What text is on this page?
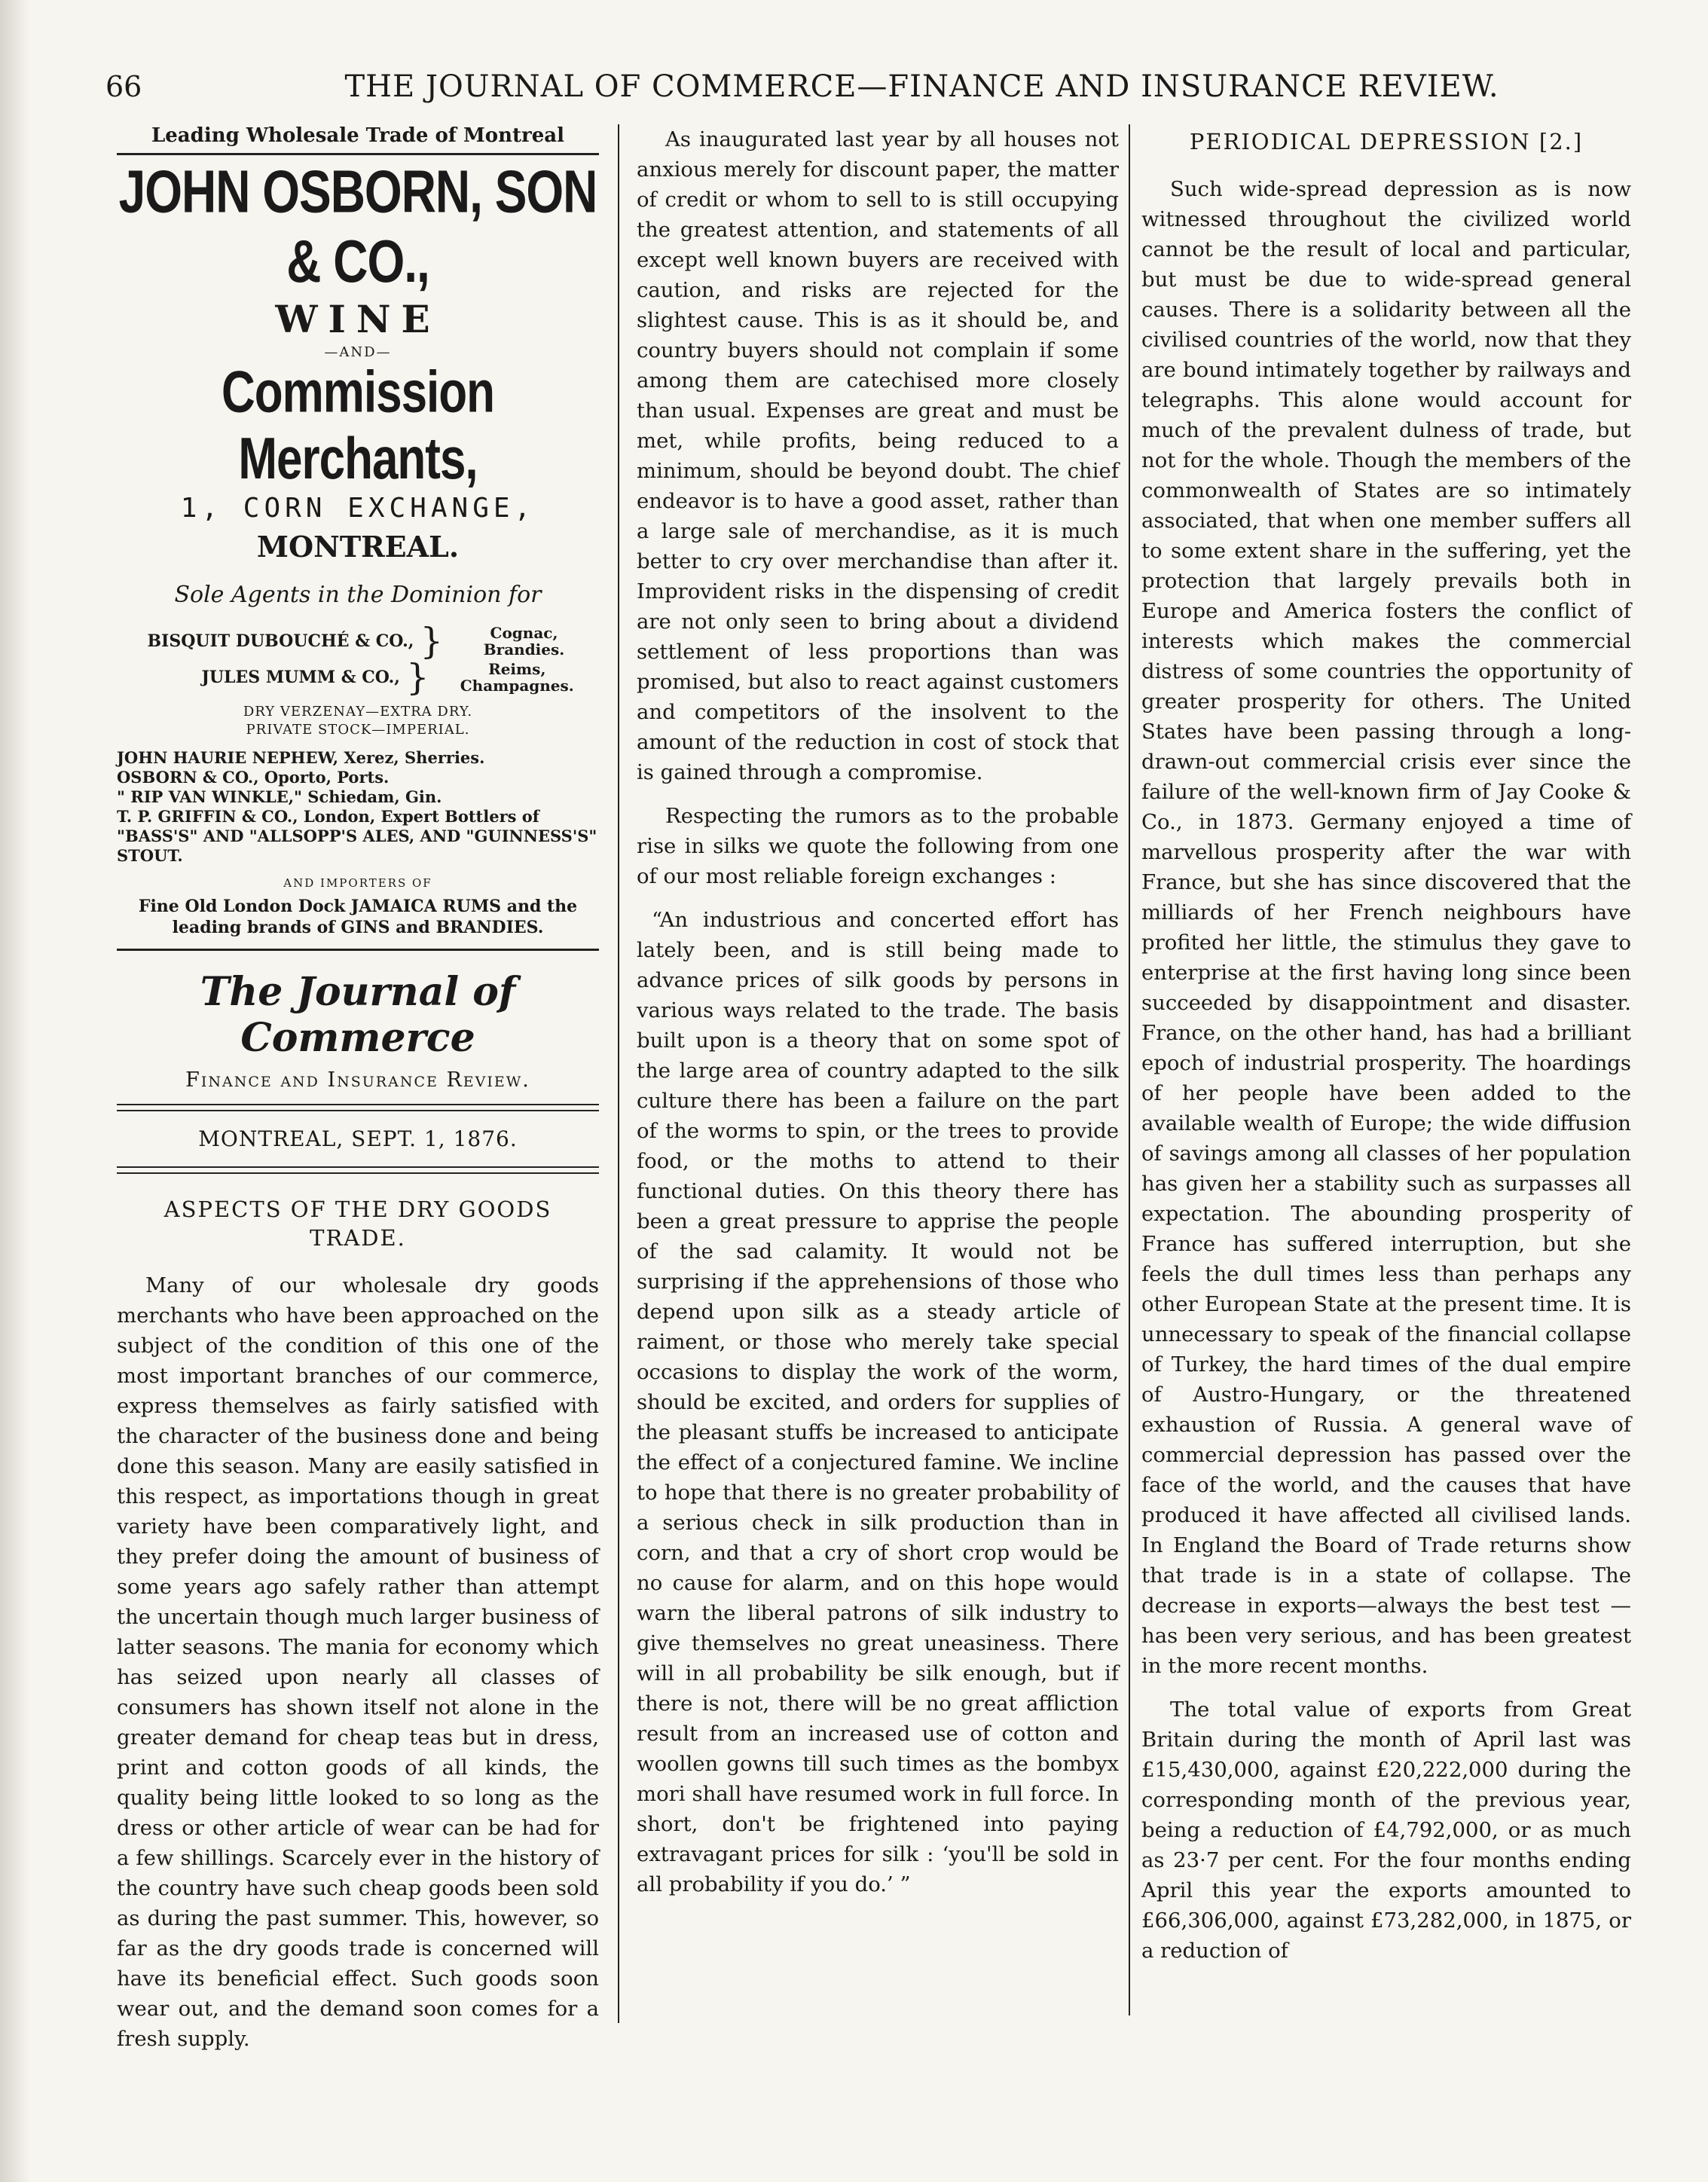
66	THE JOURNAL OF COMMERCE—FINANCE AND INSURANCE REVIEW.
Leading Wholesale Trade of Montreal
JOHN OSBORN, SON & CO.,
WINE
—AND—
Commission Merchants,
1, CORN EXCHANGE,
MONTREAL.
Sole Agents in the Dominion for
BISQUIT DUBOUCHÉ & CO., }	Cognac, Brandies.
JULES MUMM & CO., }	Reims, Champagnes.
DRY VERZENAY—EXTRA DRY.
PRIVATE STOCK—IMPERIAL.

JOHN HAURIE NEPHEW, Xerez, Sherries.

OSBORN & CO., Oporto, Ports.

" RIP VAN WINKLE," Schiedam, Gin.

T. P. GRIFFIN & CO., London, Expert Bottlers of "BASS'S" AND "ALLSOPP'S ALES, AND "GUINNESS'S" STOUT.

AND IMPORTERS OF
Fine Old London Dock JAMAICA RUMS and the leading brands of GINS and BRANDIES.
The Journal of Commerce
Finance and Insurance Review.
MONTREAL, SEPT. 1, 1876.
ASPECTS OF THE DRY GOODS TRADE.

Many of our wholesale dry goods merchants who have been approached on the subject of the condition of this one of the most important branches of our commerce, express themselves as fairly satisfied with the character of the business done and being done this season. Many are easily satisfied in this respect, as importations though in great variety have been comparatively light, and they prefer doing the amount of business of some years ago safely rather than attempt the uncertain though much larger business of latter seasons. The mania for economy which has seized upon nearly all classes of consumers has shown itself not alone in the greater demand for cheap teas but in dress, print and cotton goods of all kinds, the quality being little looked to so long as the dress or other article of wear can be had for a few shillings. Scarcely ever in the history of the country have such cheap goods been sold as during the past summer. This, however, so far as the dry goods trade is concerned will have its beneficial effect. Such goods soon wear out, and the demand soon comes for a fresh supply.

As inaugurated last year by all houses not anxious merely for discount paper, the matter of credit or whom to sell to is still occupying the greatest attention, and statements of all except well known buyers are received with caution, and risks are rejected for the slightest cause. This is as it should be, and country buyers should not complain if some among them are catechised more closely than usual. Expenses are great and must be met, while profits, being reduced to a minimum, should be beyond doubt. The chief endeavor is to have a good asset, rather than a large sale of merchandise, as it is much better to cry over merchandise than after it. Improvident risks in the dispensing of credit are not only seen to bring about a dividend settlement of less proportions than was promised, but also to react against customers and competitors of the insolvent to the amount of the reduction in cost of stock that is gained through a compromise.

Respecting the rumors as to the probable rise in silks we quote the following from one of our most reliable foreign exchanges :

“An industrious and concerted effort has lately been, and is still being made to advance prices of silk goods by persons in various ways related to the trade. The basis built upon is a theory that on some spot of the large area of country adapted to the silk culture there has been a failure on the part of the worms to spin, or the trees to provide food, or the moths to attend to their functional duties. On this theory there has been a great pressure to apprise the people of the sad calamity. It would not be surprising if the apprehensions of those who depend upon silk as a steady article of raiment, or those who merely take special occasions to display the work of the worm, should be excited, and orders for supplies of the pleasant stuffs be increased to anticipate the effect of a conjectured famine. We incline to hope that there is no greater probability of a serious check in silk production than in corn, and that a cry of short crop would be no cause for alarm, and on this hope would warn the liberal patrons of silk industry to give themselves no great uneasiness. There will in all probability be silk enough, but if there is not, there will be no great affliction result from an increased use of cotton and woollen gowns till such times as the bombyx mori shall have resumed work in full force. In short, don't be frightened into paying extravagant prices for silk : ‘you'll be sold in all probability if you do.’ ”

PERIODICAL DEPRESSION [2.]

Such wide-spread depression as is now witnessed throughout the civilized world cannot be the result of local and particular, but must be due to wide-spread general causes. There is a solidarity between all the civilised countries of the world, now that they are bound intimately together by railways and telegraphs. This alone would account for much of the prevalent dulness of trade, but not for the whole. Though the members of the commonwealth of States are so intimately associated, that when one member suffers all to some extent share in the suffering, yet the protection that largely prevails both in Europe and America fosters the conflict of interests which makes the commercial distress of some countries the opportunity of greater prosperity for others. The United States have been passing through a long-drawn-out commercial crisis ever since the failure of the well-known firm of Jay Cooke & Co., in 1873. Germany enjoyed a time of marvellous prosperity after the war with France, but she has since discovered that the milliards of her French neighbours have profited her little, the stimulus they gave to enterprise at the first having long since been succeeded by disappointment and disaster. France, on the other hand, has had a brilliant epoch of industrial prosperity. The hoardings of her people have been added to the available wealth of Europe; the wide diffusion of savings among all classes of her population has given her a stability such as surpasses all expectation. The abounding prosperity of France has suffered interruption, but she feels the dull times less than perhaps any other European State at the present time. It is unnecessary to speak of the financial collapse of Turkey, the hard times of the dual empire of Austro-Hungary, or the threatened exhaustion of Russia. A general wave of commercial depression has passed over the face of the world, and the causes that have produced it have affected all civilised lands. In England the Board of Trade returns show that trade is in a state of collapse. The decrease in exports—always the best test —has been very serious, and has been greatest in the more recent months.

The total value of exports from Great Britain during the month of April last was £15,430,000, against £20,222,000 during the corresponding month of the previous year, being a reduction of £4,792,000, or as much as 23·7 per cent. For the four months ending April this year the exports amounted to £66,306,000, against £73,282,000, in 1875, or a reduction of
